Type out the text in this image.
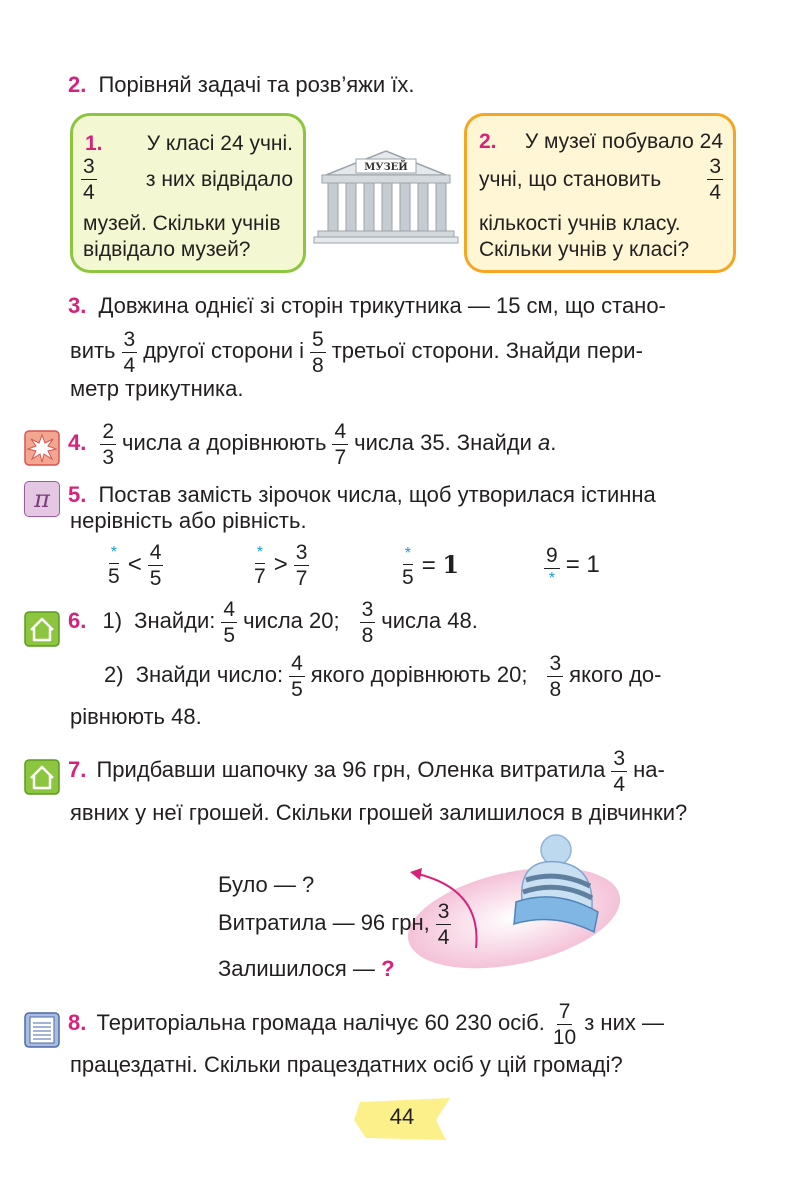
2. Порівняй задачі та розв’яжи їх.
1. У класі 24 учні.
$\frac{3}{4}$ з них відвідало
музей. Скільки учнів
відвідало музей?
МУЗЕЙ
2. У музеї побувало 24
учні, що становить $\frac{3}{4}$
кількості учнів класу.
Скільки учнів у класі?
3. Довжина однієї зі сторін трикутника — 15 см, що стано-
вить $\frac{3}{4}$ другої сторони і $\frac{5}{8}$ третьої сторони. Знайди пери-
метр трикутника.
4. $\frac{2}{3}$ числа a дорівнюють $\frac{4}{7}$ числа 35. Знайди a.
π 5. Постав замість зірочок числа, щоб утворилася істинна
нерівність або рівність.
$\frac{*}{5} < \frac{4}{5}$	$\frac{*}{7} > \frac{3}{7}$	$\frac{*}{5} = 1$	$\frac{9}{*} = 1$
6. 1) Знайди: $\frac{4}{5}$ числа 20; $\frac{3}{8}$ числа 48.
2) Знайди число: $\frac{4}{5}$ якого дорівнюють 20; $\frac{3}{8}$ якого до-
рівнюють 48.
7. Придбавши шапочку за 96 грн, Оленка витратила $\frac{3}{4} на-$
явних у неї грошей. Скільки грошей залишилося в дівчинки?
Було — ?
Витратила — 96 грн, $\frac{3}{4}$
Залишилося — ?
8. Територіальна громада налічує 60 230 осіб. $\frac{7}{10}$ з них —
працездатні. Скільки працездатних осіб у цій громаді?
44
